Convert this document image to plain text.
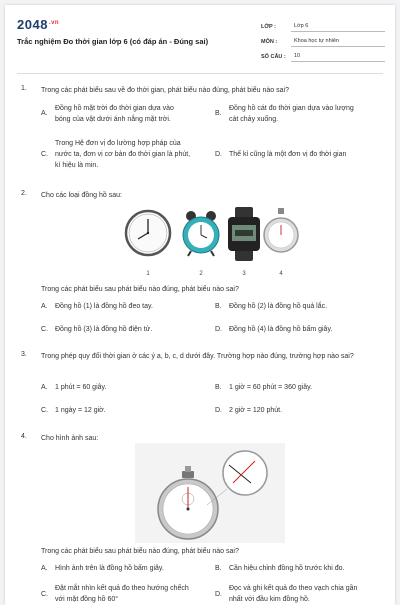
$2048^{.vn}$
Trắc nghiệm Đo thời gian lớp 6 (có đáp án - Đúng sai)
LỚP :	Lớp 6
MÔN :	Khoa học tự nhiên
SỐ CÂU :	10
1.	Trong các phát biểu sau về đo thời gian, phát biểu nào đúng, phát biểu nào sai?
A.
Đồng hồ mặt trời đo thời gian dựa vào
bóng của vật dưới ánh nắng mặt trời.
B.
Đồng hồ cát đo thời gian dựa vào lượng
cát chảy xuống.
C.
Trong Hệ đơn vị đo lường hợp pháp của
nước ta, đơn vị cơ bản đo thời gian là phút,
kí hiệu là min.
D.	Thế kỉ cũng là một đơn vị đo thời gian
2.	Cho các loại đồng hồ sau:
1	2	3	4
Trong các phát biểu sau phát biểu nào đúng, phát biểu nào sai?
A.	Đồng hồ (1) là đồng hồ đeo tay.	B.	Đồng hồ (2) là đồng hồ quả lắc.
C.	Đồng hồ (3) là đồng hồ điện tử.	D.	Đồng hồ (4) là đồng hồ bấm giây.
3.	Trong phép quy đổi thời gian ở các ý a, b, c, d dưới đây. Trường hợp nào đúng, trường hợp nào sai?
A.	1 phút = 60 giây.	B.	1 giờ = 60 phút = 360 giây.
C.	1 ngày = 12 giờ.	D.	2 giờ = 120 phút.
4.	Cho hình ảnh sau:
Trong các phát biểu sau phát biểu nào đúng, phát biểu nào sai?
A.	Hình ảnh trên là đồng hồ bấm giây.	B.	Cần hiệu chỉnh đồng hồ trước khi đo.
C.
Đặt mắt nhìn kết quả đo theo hướng chếch
với mặt đồng hồ 60°
D.
Đọc và ghi kết quả đo theo vạch chia gần
nhất với đầu kim đồng hồ.
